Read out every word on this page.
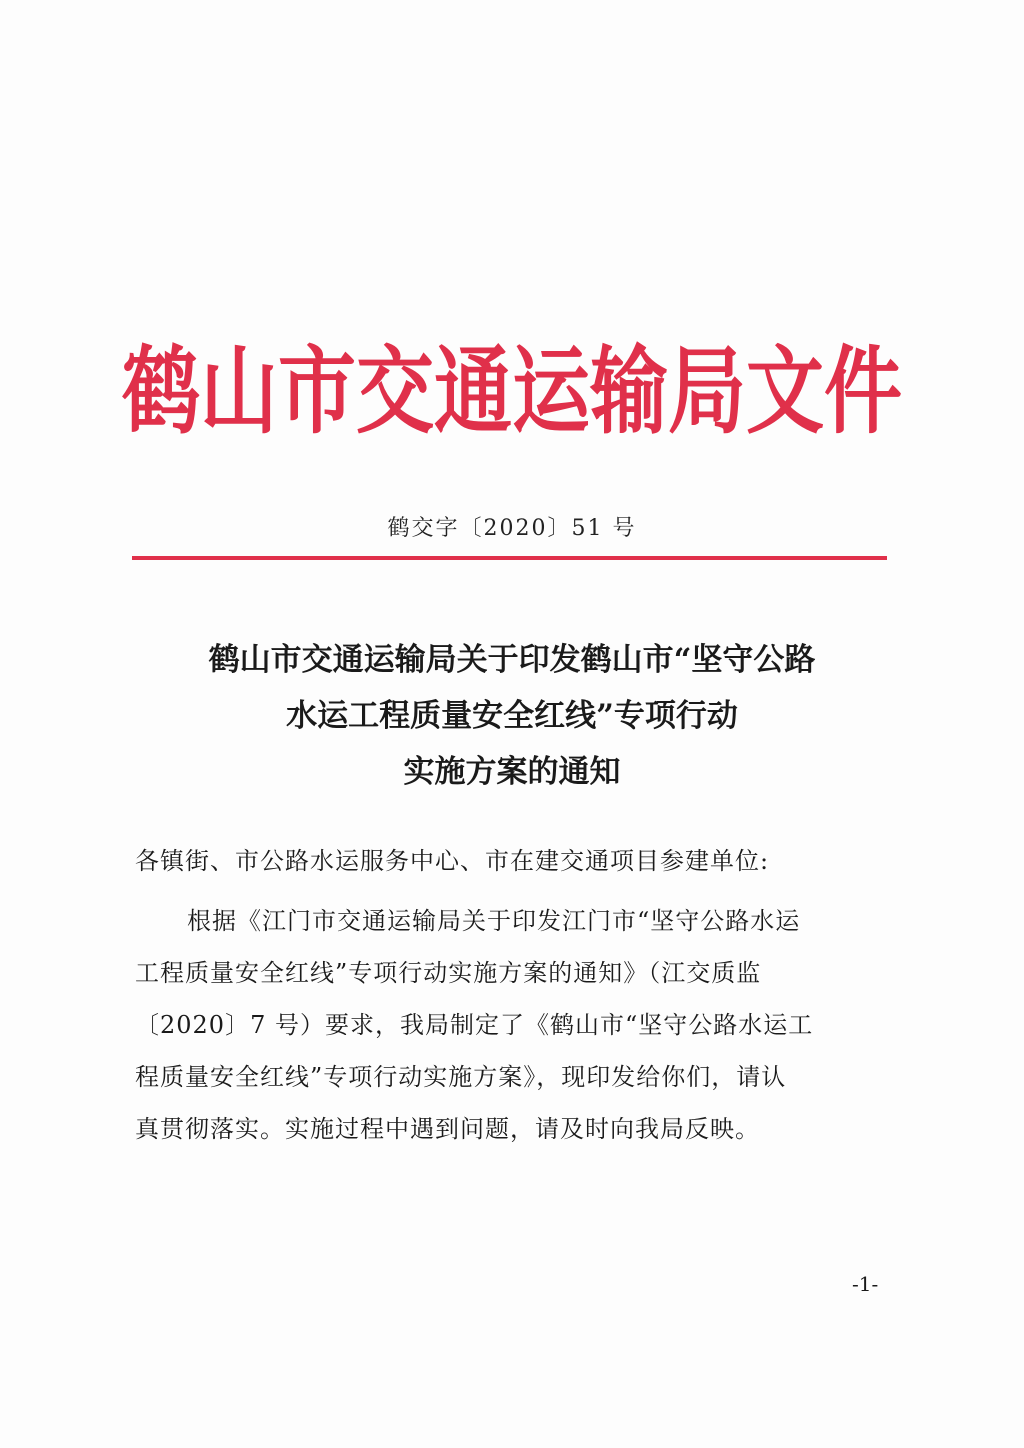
鹤山市交通运输局文件
鹤交字〔2020〕51 号
鹤山市交通运输局关于印发鹤山市“坚守公路
水运工程质量安全红线”专项行动
实施方案的通知
各镇街、市公路水运服务中心、市在建交通项目参建单位:
根据《江门市交通运输局关于印发江门市“坚守公路水运
工程质量安全红线”专项行动实施方案的通知》（江交质监
〔2020〕7 号）要求，我局制定了《鹤山市“坚守公路水运工
程质量安全红线”专项行动实施方案》，现印发给你们，请认
真贯彻落实。实施过程中遇到问题，请及时向我局反映。
-1-
